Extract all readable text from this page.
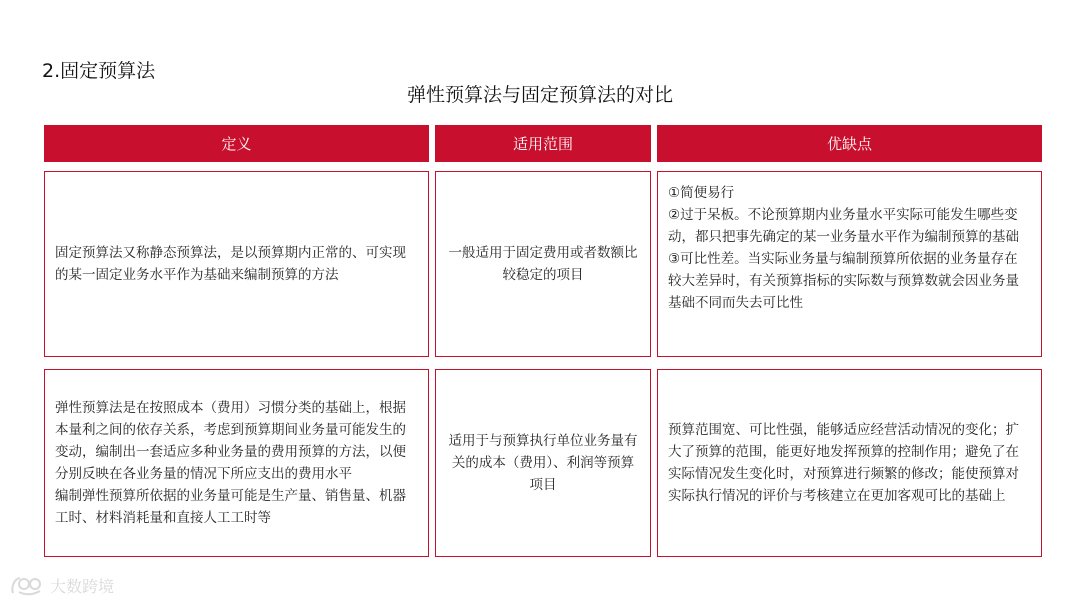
2.固定预算法
弹性预算法与固定预算法的对比
定义	适用范围	优缺点
固定预算法又称静态预算法，是以预算期内正常的、可实现的某一固定业务水平作为基础来编制预算的方法
一般适用于固定费用或者数额比较稳定的项目
①简便易行
②过于呆板。不论预算期内业务量水平实际可能发生哪些变动，都只把事先确定的某一业务量水平作为编制预算的基础
③可比性差。当实际业务量与编制预算所依据的业务量存在较大差异时，有关预算指标的实际数与预算数就会因业务量基础不同而失去可比性
弹性预算法是在按照成本（费用）习惯分类的基础上，根据本量利之间的依存关系，考虑到预算期间业务量可能发生的变动，编制出一套适应多种业务量的费用预算的方法，以便分别反映在各业务量的情况下所应支出的费用水平
编制弹性预算所依据的业务量可能是生产量、销售量、机器工时、材料消耗量和直接人工工时等
适用于与预算执行单位业务量有关的成本（费用）、利润等预算项目
预算范围宽、可比性强，能够适应经营活动情况的变化；扩大了预算的范围，能更好地发挥预算的控制作用；避免了在实际情况发生变化时，对预算进行频繁的修改；能使预算对实际执行情况的评价与考核建立在更加客观可比的基础上
大数跨境
